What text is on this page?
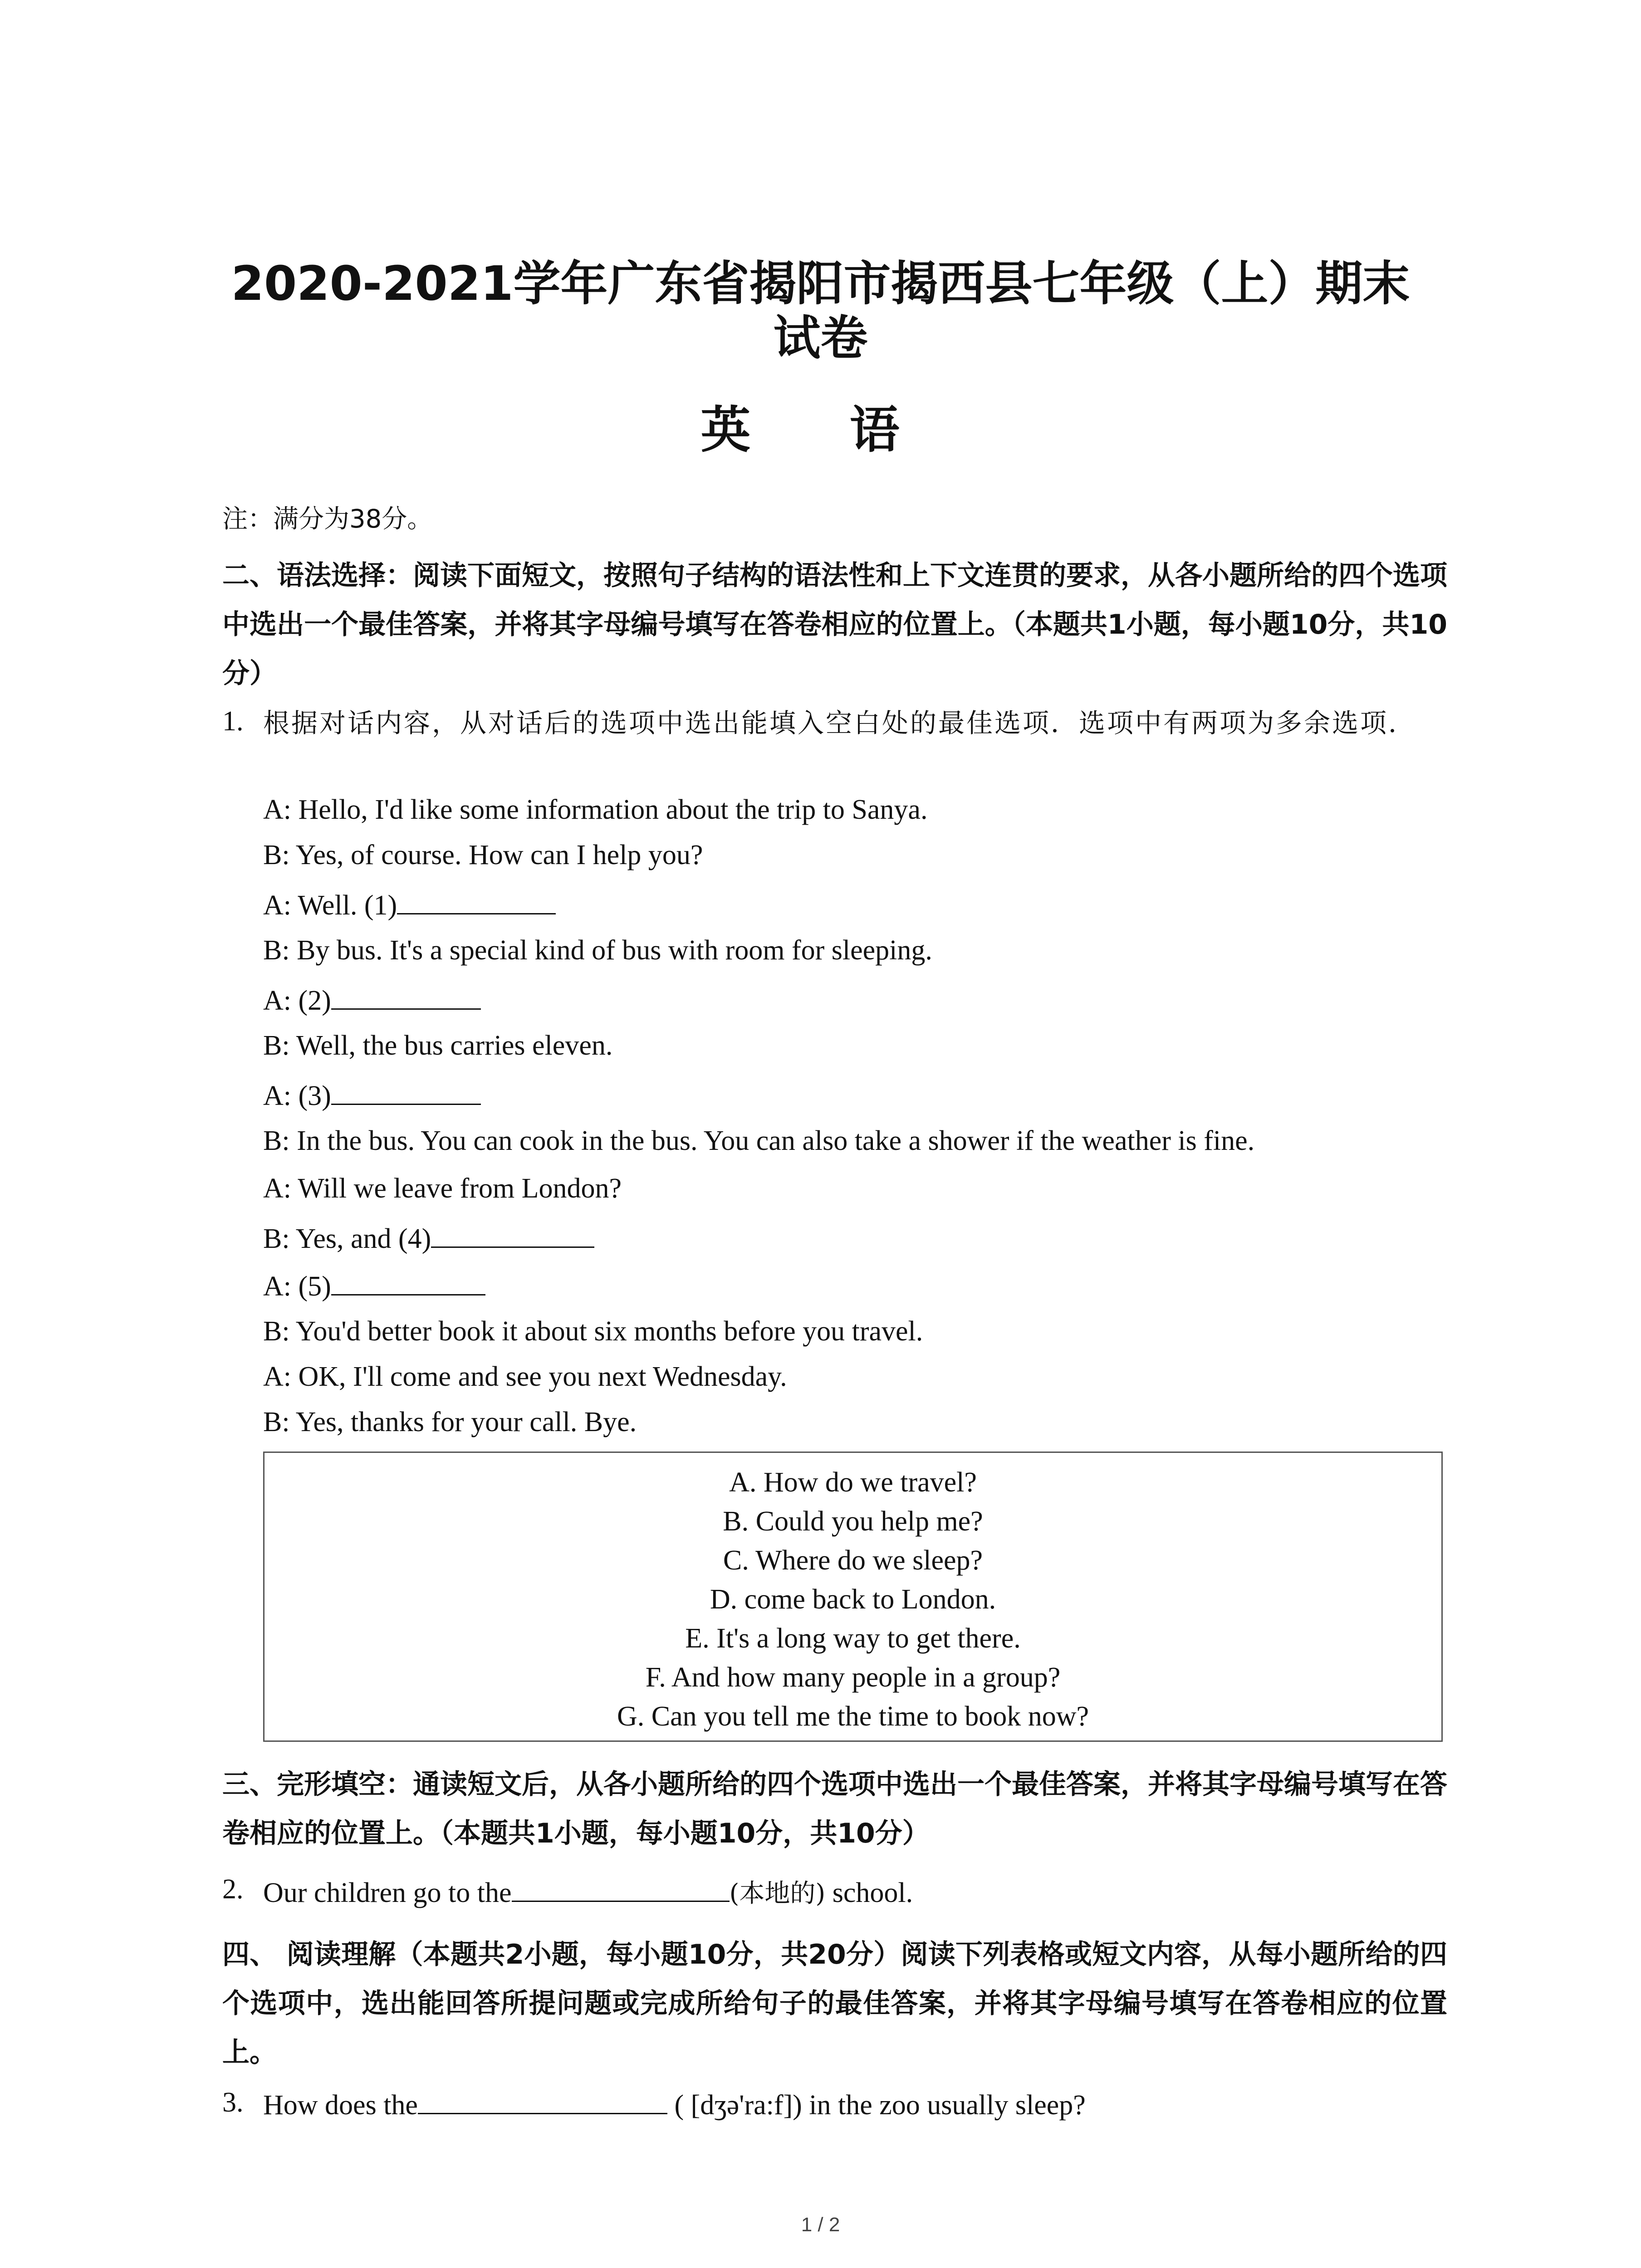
2020-2021学年广东省揭阳市揭西县七年级（上）期末
试卷
英 语
注：满分为38分。
二、语法选择：阅读下面短文，按照句子结构的语法性和上下文连贯的要求，从各小题所给的四个选项中选出一个最佳答案，并将其字母编号填写在答卷相应的位置上。（本题共1小题，每小题10分，共10分）
1. 根据对话内容，从对话后的选项中选出能填入空白处的最佳选项．选项中有两项为多余选项．
A: Hello, I'd like some information about the trip to Sanya.
B: Yes, of course. How can I help you?
A: Well. (1)
B: By bus. It's a special kind of bus with room for sleeping.
A: (2)
B: Well, the bus carries eleven.
A: (3)
B: In the bus. You can cook in the bus. You can also take a shower if the weather is fine.
A: Will we leave from London?
B: Yes, and (4)
A: (5)
B: You'd better book it about six months before you travel.
A: OK, I'll come and see you next Wednesday.
B: Yes, thanks for your call. Bye.
A. How do we travel?
B. Could you help me?
C. Where do we sleep?
D. come back to London.
E. It's a long way to get there.
F. And how many people in a group?
G. Can you tell me the time to book now?
三、完形填空：通读短文后，从各小题所给的四个选项中选出一个最佳答案，并将其字母编号填写在答卷相应的位置上。（本题共1小题，每小题10分，共10分）
2. Our children go to the	(本地的) school.
四、 阅读理解（本题共2小题，每小题10分，共20分）阅读下列表格或短文内容，从每小题所给的四个选项中，选出能回答所提问题或完成所给句子的最佳答案，并将其字母编号填写在答卷相应的位置上。
3. How does the	( [dʒə'ra:f]) in the zoo usually sleep?
1 / 2
